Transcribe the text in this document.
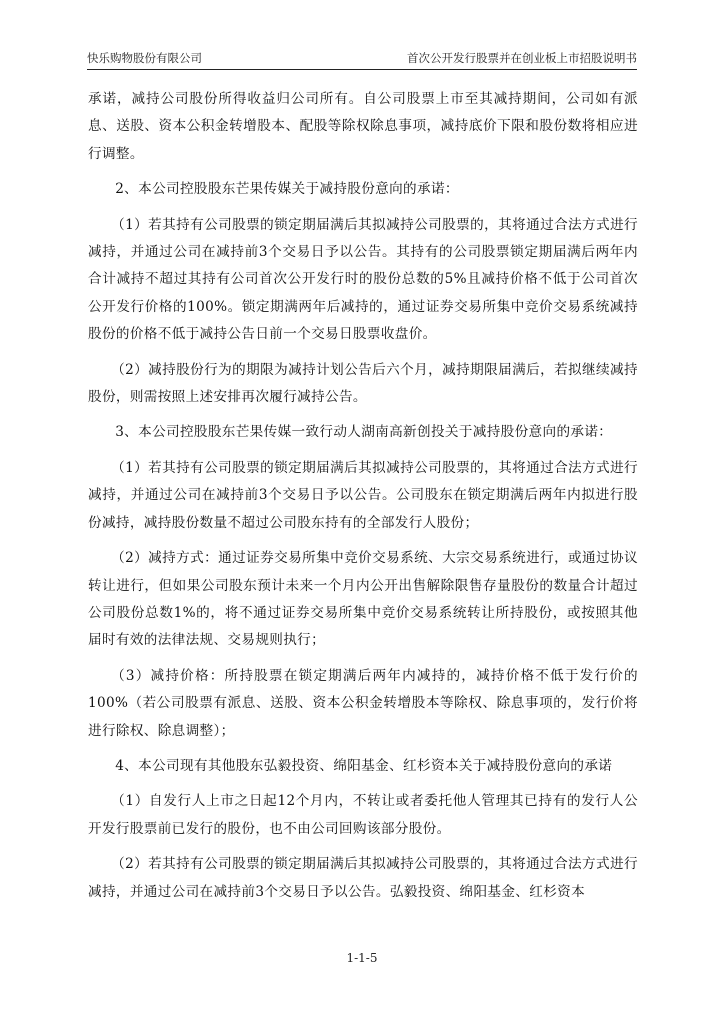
快乐购物股份有限公司	首次公开发行股票并在创业板上市招股说明书

承诺，减持公司股份所得收益归公司所有。自公司股票上市至其减持期间，公司如有派息、送股、资本公积金转增股本、配股等除权除息事项，减持底价下限和股份数将相应进行调整。

2、本公司控股股东芒果传媒关于减持股份意向的承诺：

（1）若其持有公司股票的锁定期届满后其拟减持公司股票的，其将通过合法方式进行减持，并通过公司在减持前3个交易日予以公告。其持有的公司股票锁定期届满后两年内合计减持不超过其持有公司首次公开发行时的股份总数的5%且减持价格不低于公司首次公开发行价格的100%。锁定期满两年后减持的，通过证券交易所集中竞价交易系统减持股份的价格不低于减持公告日前一个交易日股票收盘价。

（2）减持股份行为的期限为减持计划公告后六个月，减持期限届满后，若拟继续减持股份，则需按照上述安排再次履行减持公告。

3、本公司控股股东芒果传媒一致行动人湖南高新创投关于减持股份意向的承诺：

（1）若其持有公司股票的锁定期届满后其拟减持公司股票的，其将通过合法方式进行减持，并通过公司在减持前3个交易日予以公告。公司股东在锁定期满后两年内拟进行股份减持，减持股份数量不超过公司股东持有的全部发行人股份；

（2）减持方式：通过证券交易所集中竞价交易系统、大宗交易系统进行，或通过协议转让进行，但如果公司股东预计未来一个月内公开出售解除限售存量股份的数量合计超过公司股份总数1%的，将不通过证券交易所集中竞价交易系统转让所持股份，或按照其他届时有效的法律法规、交易规则执行；

（3）减持价格：所持股票在锁定期满后两年内减持的，减持价格不低于发行价的100%（若公司股票有派息、送股、资本公积金转增股本等除权、除息事项的，发行价将进行除权、除息调整）；

4、本公司现有其他股东弘毅投资、绵阳基金、红杉资本关于减持股份意向的承诺

（1）自发行人上市之日起12个月内，不转让或者委托他人管理其已持有的发行人公开发行股票前已发行的股份，也不由公司回购该部分股份。

（2）若其持有公司股票的锁定期届满后其拟减持公司股票的，其将通过合法方式进行减持，并通过公司在减持前3个交易日予以公告。弘毅投资、绵阳基金、红杉资本

1-1-5
